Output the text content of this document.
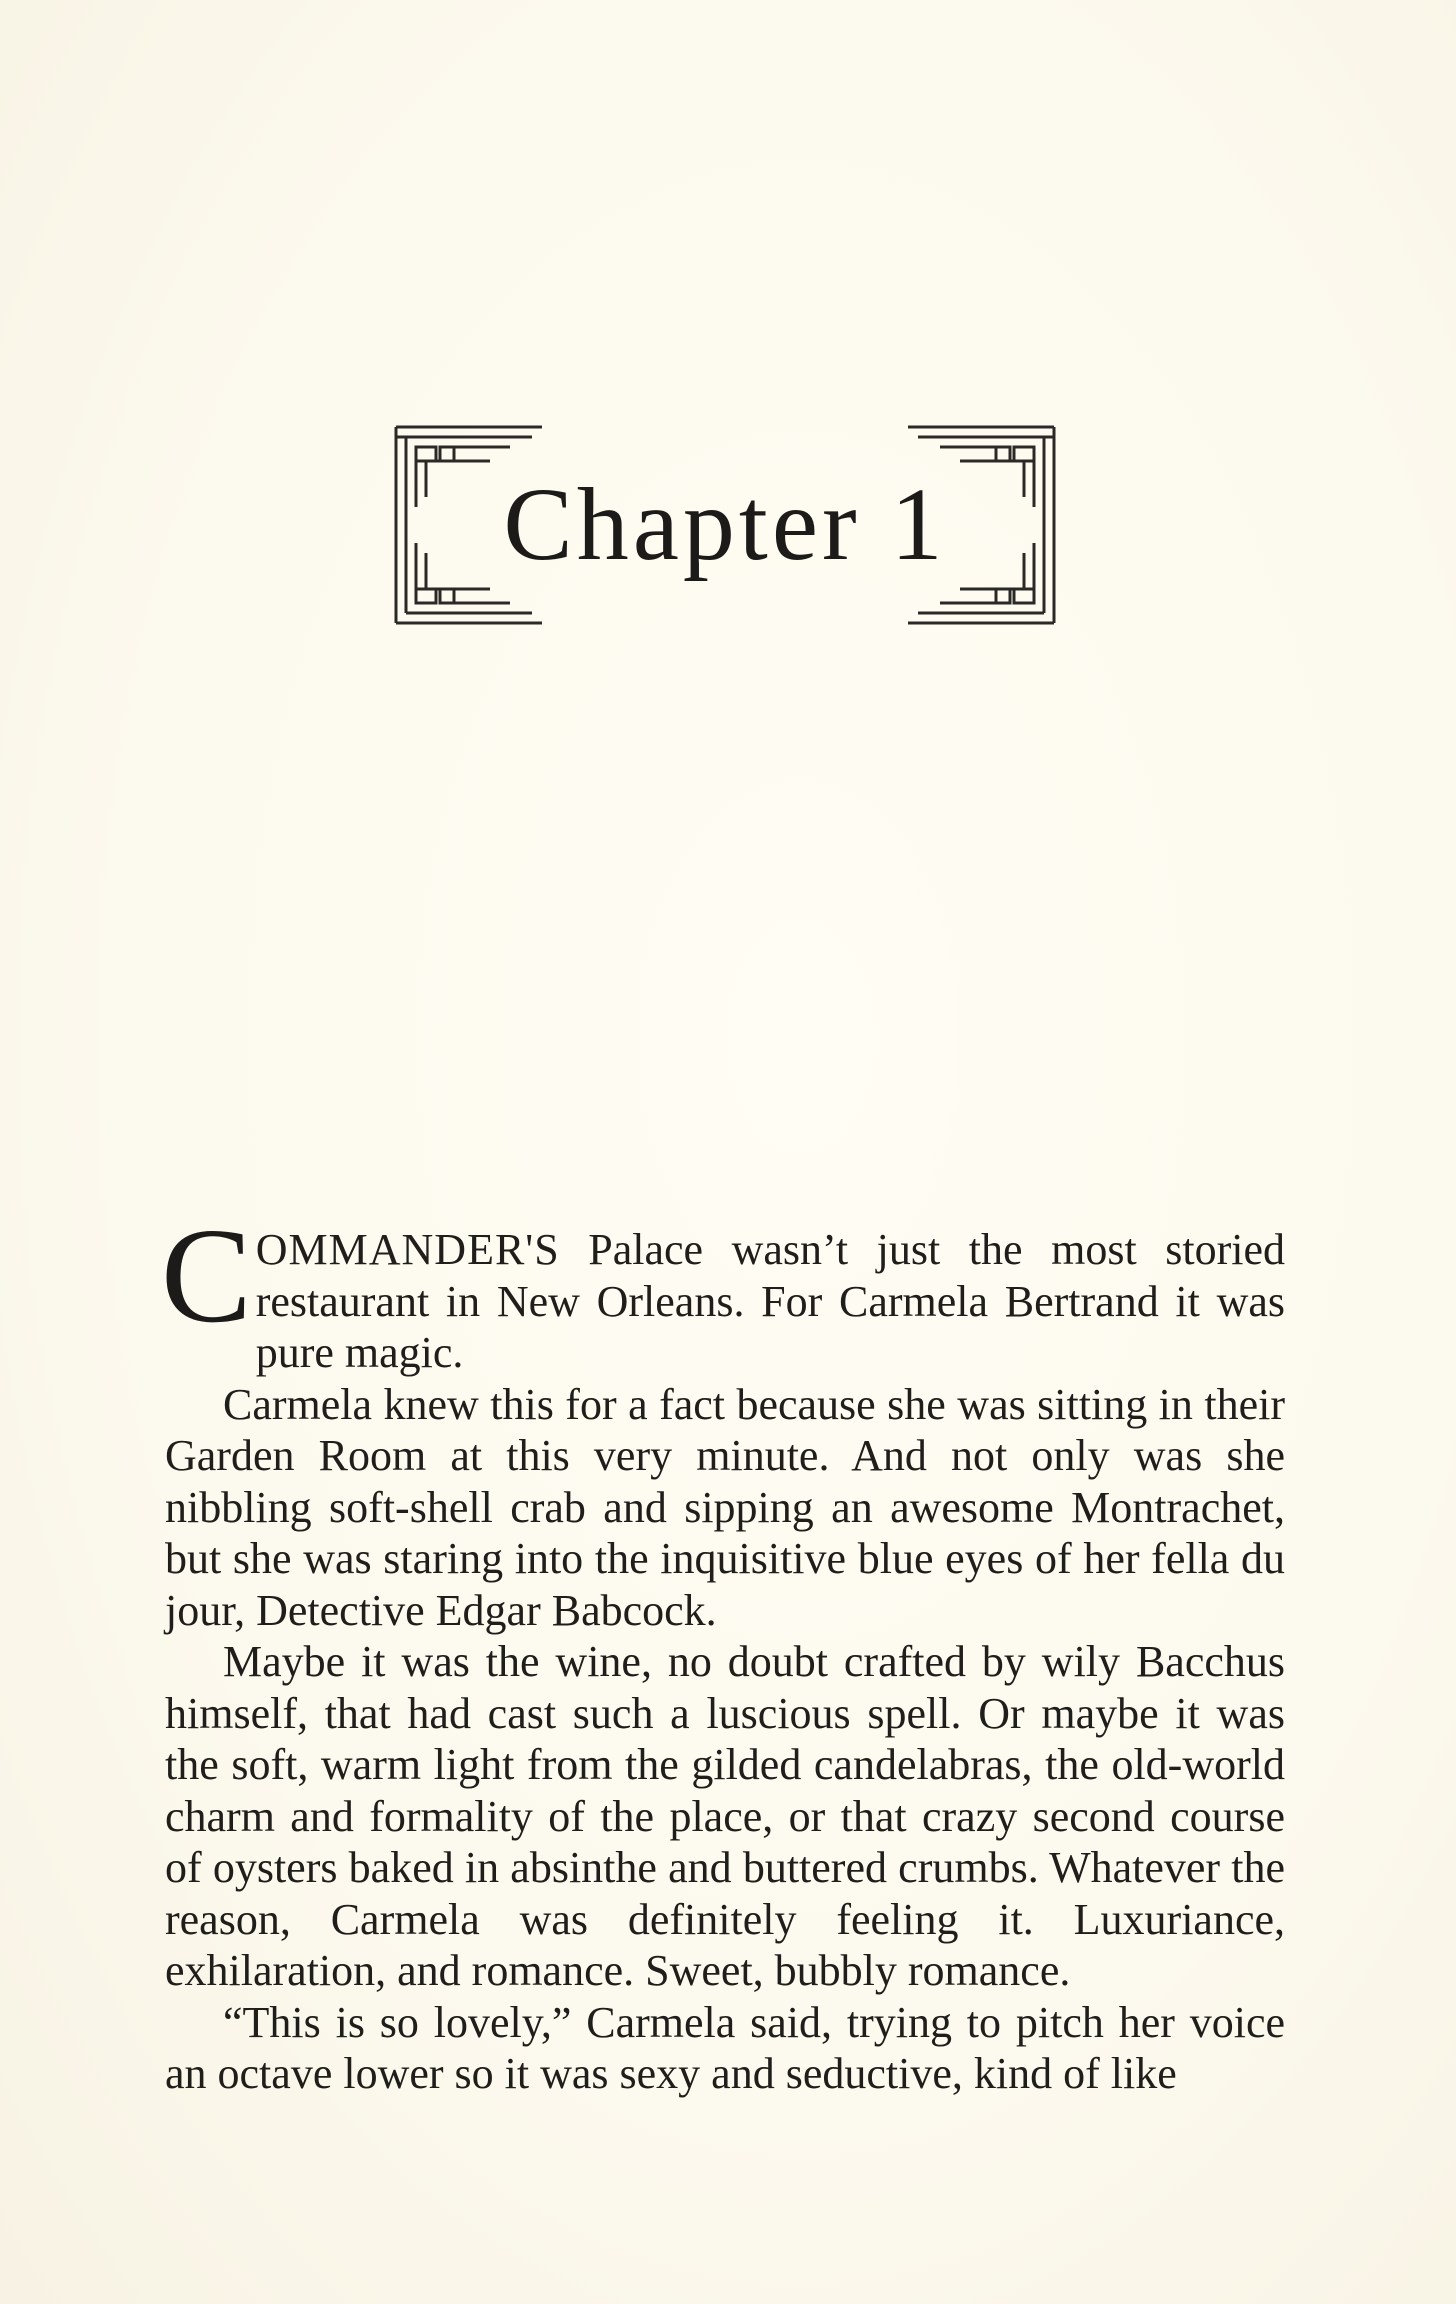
Chapter 1

COMMANDER'S Palace wasn’t just the most storied restaurant in New Orleans. For Carmela Bertrand it was pure magic.

Carmela knew this for a fact because she was sitting in their Garden Room at this very minute. And not only was she nibbling soft-shell crab and sipping an awesome Montrachet, but she was staring into the inquisitive blue eyes of her fella du jour, Detective Edgar Babcock.

Maybe it was the wine, no doubt crafted by wily Bacchus himself, that had cast such a luscious spell. Or maybe it was the soft, warm light from the gilded candelabras, the old-world charm and formality of the place, or that crazy second course of oysters baked in absinthe and buttered crumbs. Whatever the reason, Carmela was definitely feeling it. Luxuriance, exhilaration, and romance. Sweet, bubbly romance.

“This is so lovely,” Carmela said, trying to pitch her voice an octave lower so it was sexy and seductive, kind of like
